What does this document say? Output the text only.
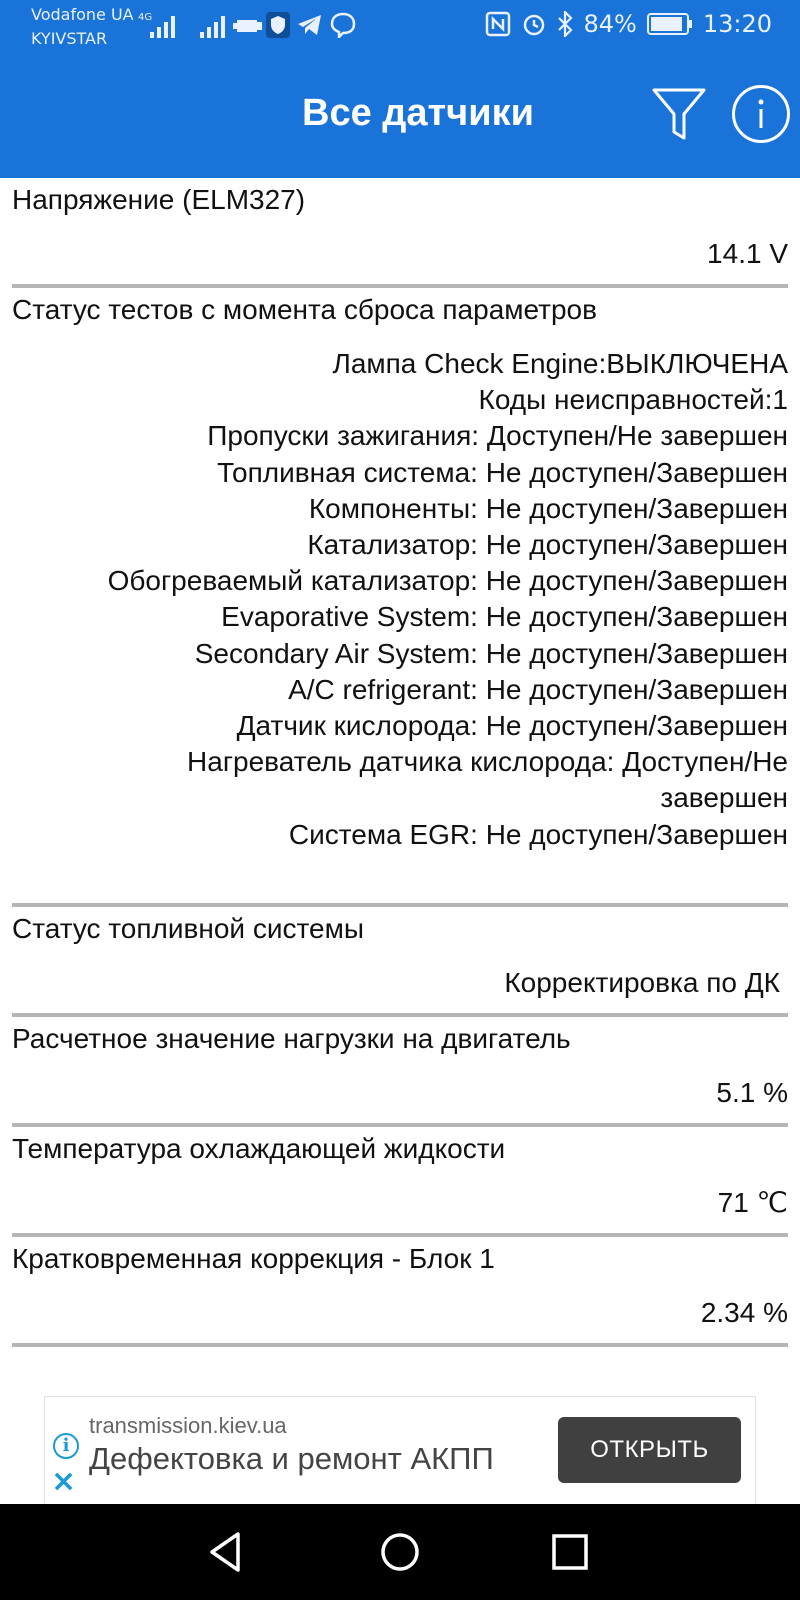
Vodafone UA
KYIVSTAR
4G	84%	13:20
Все датчики
Напряжение (ELM327)
14.1 V
Статус тестов с момента сброса параметров
Лампа Check Engine:ВЫКЛЮЧЕНА
Коды неисправностей:1
Пропуски зажигания: Доступен/Не завершен
Топливная система: Не доступен/Завершен
Компоненты: Не доступен/Завершен
Катализатор: Не доступен/Завершен
Обогреваемый катализатор: Не доступен/Завершен
Evaporative System: Не доступен/Завершен
Secondary Air System: Не доступен/Завершен
A/C refrigerant: Не доступен/Завершен
Датчик кислорода: Не доступен/Завершен
Нагреватель датчика кислорода: Доступен/Не завершен
Система EGR: Не доступен/Завершен
Статус топливной системы
Корректировка по ДК
Расчетное значение нагрузки на двигатель
5.1 %
Температура охлаждающей жидкости
71 ℃
Кратковременная коррекция - Блок 1
2.34 %
i
×
transmission.kiev.ua
Дефектовка и ремонт АКПП	ОТКРЫТЬ
